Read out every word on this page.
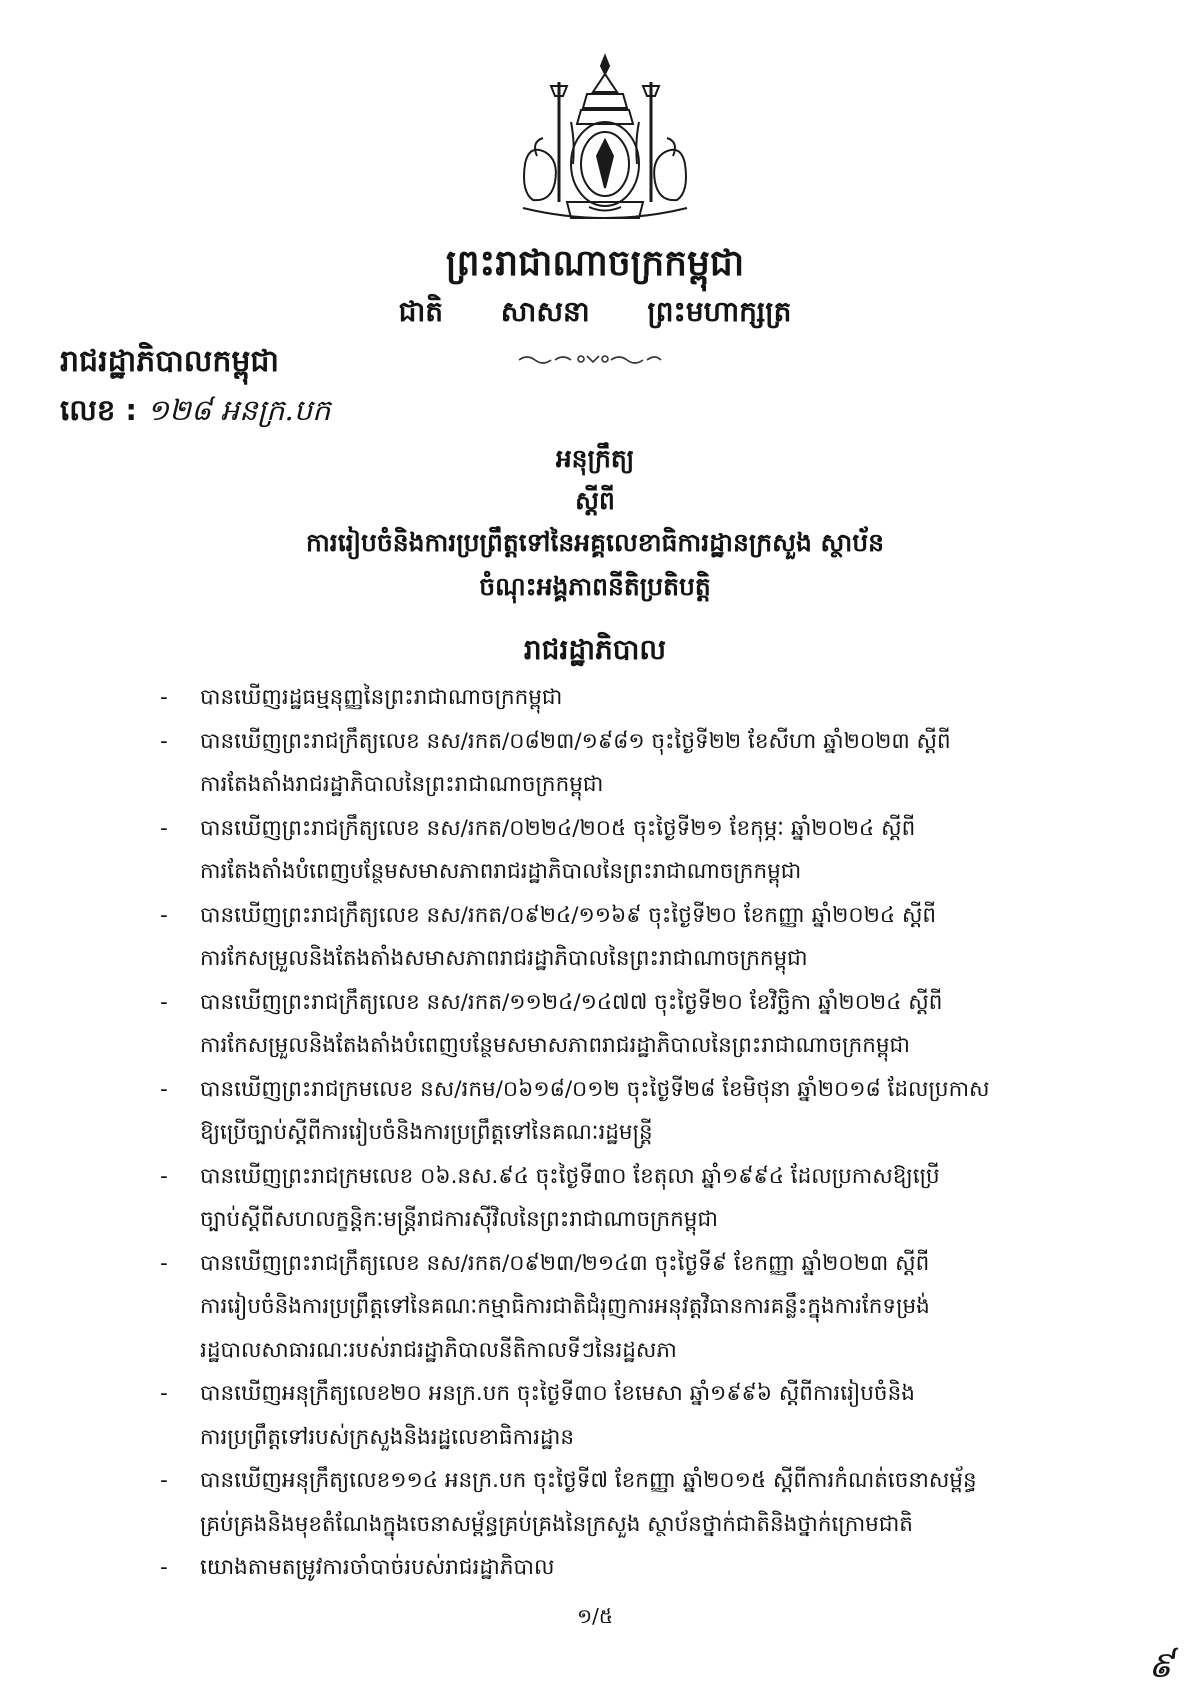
ព្រះរាជាណាចក្រកម្ពុជា
ជាតិ សាសនា ព្រះមហាក្សត្រ
រាជរដ្ឋាភិបាលកម្ពុជា
លេខ : ១២៨ អនក្រ.បក
អនុក្រឹត្យ
ស្ដីពី
ការរៀបចំនិងការប្រព្រឹត្តទៅនៃអគ្គលេខាធិការដ្ឋានក្រសួង ស្ថាប័ន
ចំណុះអង្គភាពនីតិប្រតិបត្តិ
រាជរដ្ឋាភិបាល
- បានឃើញរដ្ឋធម្មនុញ្ញនៃព្រះរាជាណាចក្រកម្ពុជា
- បានឃើញព្រះរាជក្រឹត្យលេខ នស/រកត/០៨២៣/១៩៨១ ចុះថ្ងៃទី២២ ខែសីហា ឆ្នាំ២០២៣ ស្ដីពី
ការតែងតាំងរាជរដ្ឋាភិបាលនៃព្រះរាជាណាចក្រកម្ពុជា
- បានឃើញព្រះរាជក្រឹត្យលេខ នស/រកត/០២២៤/២០៥ ចុះថ្ងៃទី២១ ខែកុម្ភៈ ឆ្នាំ២០២៤ ស្ដីពី
ការតែងតាំងបំពេញបន្ថែមសមាសភាពរាជរដ្ឋាភិបាលនៃព្រះរាជាណាចក្រកម្ពុជា
- បានឃើញព្រះរាជក្រឹត្យលេខ នស/រកត/០៩២៤/១១៦៩ ចុះថ្ងៃទី២០ ខែកញ្ញា ឆ្នាំ២០២៤ ស្ដីពី
ការកែសម្រួលនិងតែងតាំងសមាសភាពរាជរដ្ឋាភិបាលនៃព្រះរាជាណាចក្រកម្ពុជា
- បានឃើញព្រះរាជក្រឹត្យលេខ នស/រកត/១១២៤/១៤៧៧ ចុះថ្ងៃទី២០ ខែវិច្ឆិកា ឆ្នាំ២០២៤ ស្ដីពី
ការកែសម្រួលនិងតែងតាំងបំពេញបន្ថែមសមាសភាពរាជរដ្ឋាភិបាលនៃព្រះរាជាណាចក្រកម្ពុជា
- បានឃើញព្រះរាជក្រមលេខ នស/រកម/០៦១៨/០១២ ចុះថ្ងៃទី២៨ ខែមិថុនា ឆ្នាំ២០១៨ ដែលប្រកាស
ឱ្យប្រើច្បាប់ស្ដីពីការរៀបចំនិងការប្រព្រឹត្តទៅនៃគណៈរដ្ឋមន្ត្រី
- បានឃើញព្រះរាជក្រមលេខ ០៦.នស.៩៤ ចុះថ្ងៃទី៣០ ខែតុលា ឆ្នាំ១៩៩៤ ដែលប្រកាសឱ្យប្រើ
ច្បាប់ស្ដីពីសហលក្ខន្តិកៈមន្ត្រីរាជការស៊ីវិលនៃព្រះរាជាណាចក្រកម្ពុជា
- បានឃើញព្រះរាជក្រឹត្យលេខ នស/រកត/០៩២៣/២១៤៣ ចុះថ្ងៃទី៩ ខែកញ្ញា ឆ្នាំ២០២៣ ស្ដីពី
ការរៀបចំនិងការប្រព្រឹត្តទៅនៃគណៈកម្មាធិការជាតិជំរុញការអនុវត្តវិធានការគន្លឹះក្នុងការកែទម្រង់
រដ្ឋបាលសាធារណៈរបស់រាជរដ្ឋាភិបាលនីតិកាលទីៗនៃរដ្ឋសភា
- បានឃើញអនុក្រឹត្យលេខ២០ អនក្រ.បក ចុះថ្ងៃទី៣០ ខែមេសា ឆ្នាំ១៩៩៦ ស្ដីពីការរៀបចំនិង
ការប្រព្រឹត្តទៅរបស់ក្រសួងនិងរដ្ឋលេខាធិការដ្ឋាន
- បានឃើញអនុក្រឹត្យលេខ១១៤ អនក្រ.បក ចុះថ្ងៃទី៧ ខែកញ្ញា ឆ្នាំ២០១៥ ស្ដីពីការកំណត់ចេនាសម្ព័ន្ធ
គ្រប់គ្រងនិងមុខតំណែងក្នុងចេនាសម្ព័ន្ធគ្រប់គ្រងនៃក្រសួង ស្ថាប័នថ្នាក់ជាតិនិងថ្នាក់ក្រោមជាតិ
- យោងតាមតម្រូវការចាំបាច់របស់រាជរដ្ឋាភិបាល
១/៥
៩
